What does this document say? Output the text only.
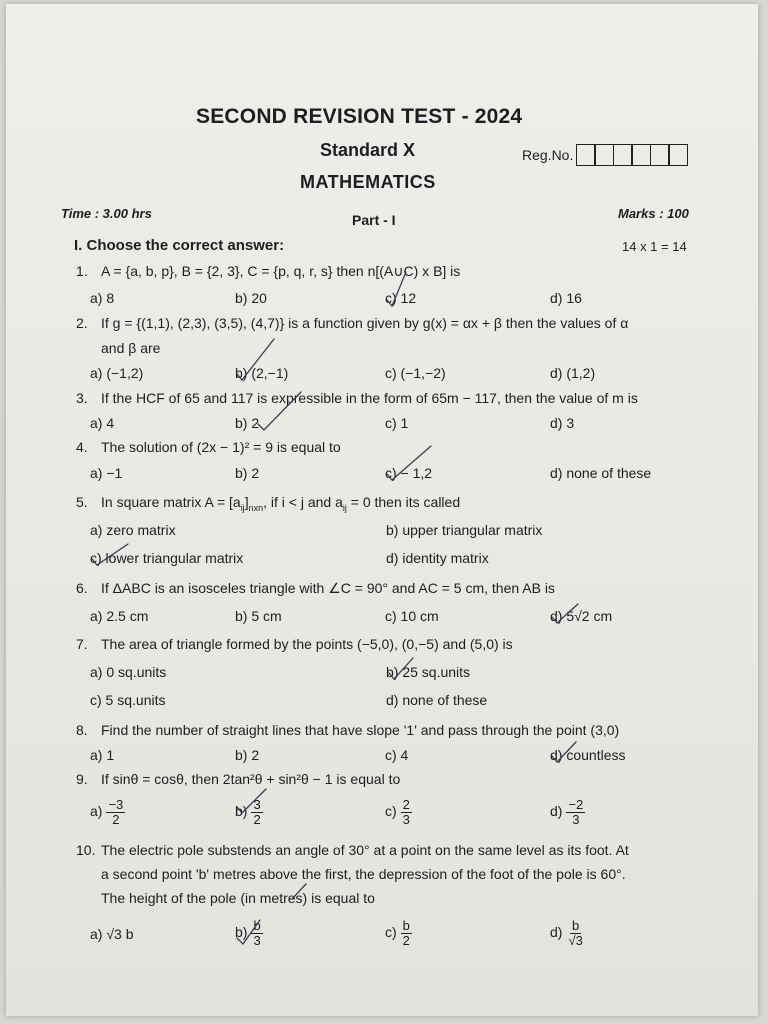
SECOND REVISION TEST - 2024
Standard X	Reg.No.
MATHEMATICS
Time : 3.00 hrs	Part - I	Marks : 100
I. Choose the correct answer:	14 x 1 = 14
1. A = {a, b, p}, B = {2, 3}, C = {p, q, r, s} then n[(A∪C) x B] is
a) 8	b) 20	c) 12	d) 16
2. If g = {(1,1), (2,3), (3,5), (4,7)} is a function given by g(x) = αx + β then the values of α
and β are
a) (−1,2)	b) (2,−1)	c) (−1,−2)	d) (1,2)
3. If the HCF of 65 and 117 is expressible in the form of 65m − 117, then the value of m is
a) 4	b) 2	c) 1	d) 3
4. The solution of (2x − 1)² = 9 is equal to
a) −1	b) 2	c) − 1,2	d) none of these
5. In square matrix $A = [a_{ij}]_{nxn}$, if i < j and $a_{ij} = 0$ then its called
a) zero matrix	b) upper triangular matrix
c) lower triangular matrix	d) identity matrix
6. If ΔABC is an isosceles triangle with ∠C = 90° and AC = 5 cm, then AB is
a) 2.5 cm	b) 5 cm	c) 10 cm	d) 5√2 cm
7. The area of triangle formed by the points (−5,0), (0,−5) and (5,0) is
a) 0 sq.units	b) 25 sq.units
c) 5 sq.units	d) none of these
8. Find the number of straight lines that have slope '1' and pass through the point (3,0)
a) 1	b) 2	c) 4	d) countless
9. If sinθ = cosθ, then 2tan²θ + sin²θ − 1 is equal to
$a) \frac{-3}{2}$	$b) \frac{3}{2}$	$c) \frac{2}{3}$	$d) \frac{-2}{3}$
10. The electric pole substends an angle of 30° at a point on the same level as its foot. At
a second point 'b' metres above the first, the depression of the foot of the pole is 60°.
The height of the pole (in metres) is equal to
a) √3 b	$b) \frac{b}{3}$	$c) \frac{b}{2}$	$d) \frac{b}{√3}$
